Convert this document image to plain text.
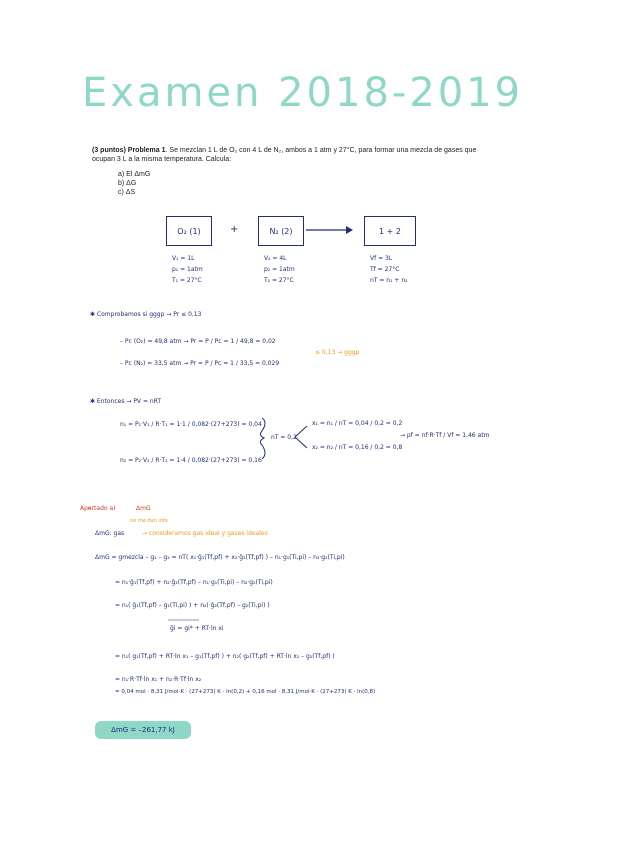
Examen 2018-2019
(3 puntos) Problema 1. Se mezclan 1 L de O₂ con 4 L de N₂, ambos a 1 atm y 27°C, para formar una mezcla de gases que ocupan 3 L a la misma temperatura. Calcula:
a) El ΔmG
b) ΔG
c) ΔS
O₂ (1)	+	N₂ (2)	1 + 2
V₁ = 1L
p₁ = 1atm
T₁ = 27°C
V₂ = 4L
p₂ = 1atm
T₂ = 27°C
Vf = 3L
Tf = 27°C
nT = n₁ + n₂
✱ Comprobamos si gggp → Pr ≤ 0,13
– Pc (O₂) = 49,8 atm → Pr = P / Pc = 1 / 49,8 = 0,02
– Pc (N₂) = 33,5 atm → Pr = P / Pc = 1 / 33,5 = 0,029
≤ 0,13 → gggp
✱ Entonces → PV = nRT
n₁ = P₁·V₁ / R·T₁ = 1·1 / 0,082·(27+273) = 0,04
n₂ = P₂·V₂ / R·T₂ = 1·4 / 0,082·(27+273) = 0,16
nT = 0,2
x₁ = n₁ / nT = 0,04 / 0,2 = 0,2
x₂ = n₂ / nT = 0,16 / 0,2 = 0,8
→ pf = nf·R·Tf / Vf = 1,46 atm
Apartado a)	ΔmG
ΔmG: gas
no me dan info
→ consideramos gas ideal y gases ideales
ΔmG = gmezcla – g₁ – g₂ = nT( x₁·ḡ₁(Tf,pf) + x₂·ḡ₂(Tf,pf) ) – n₁·g₁(Ti,pi) – n₂·g₂(Ti,pi)
= n₁·ḡ₁(Tf,pf) + n₂·ḡ₂(Tf,pf) – n₁·g₁(Ti,pi) – n₂·g₂(Ti,pi)
= n₁( ḡ₁(Tf,pf) – g₁(Ti,pi) ) + n₂( ḡ₂(Tf,pf) – g₂(Ti,pi) )
ḡi = gi* + RT·ln xi
= n₁( g₁(Tf,pf) + RT·ln x₁ – g₁(Tf,pf) ) + n₂( g₂(Tf,pf) + RT·ln x₂ – g₂(Tf,pf) )
= n₁·R·Tf·ln x₁ + n₂·R·Tf·ln x₂
= 0,04 mol · 8,31 J/mol·K · (27+273) K · ln(0,2) + 0,16 mol · 8,31 J/mol·K · (27+273) K · ln(0,8)
ΔmG = –261,77 kJ
